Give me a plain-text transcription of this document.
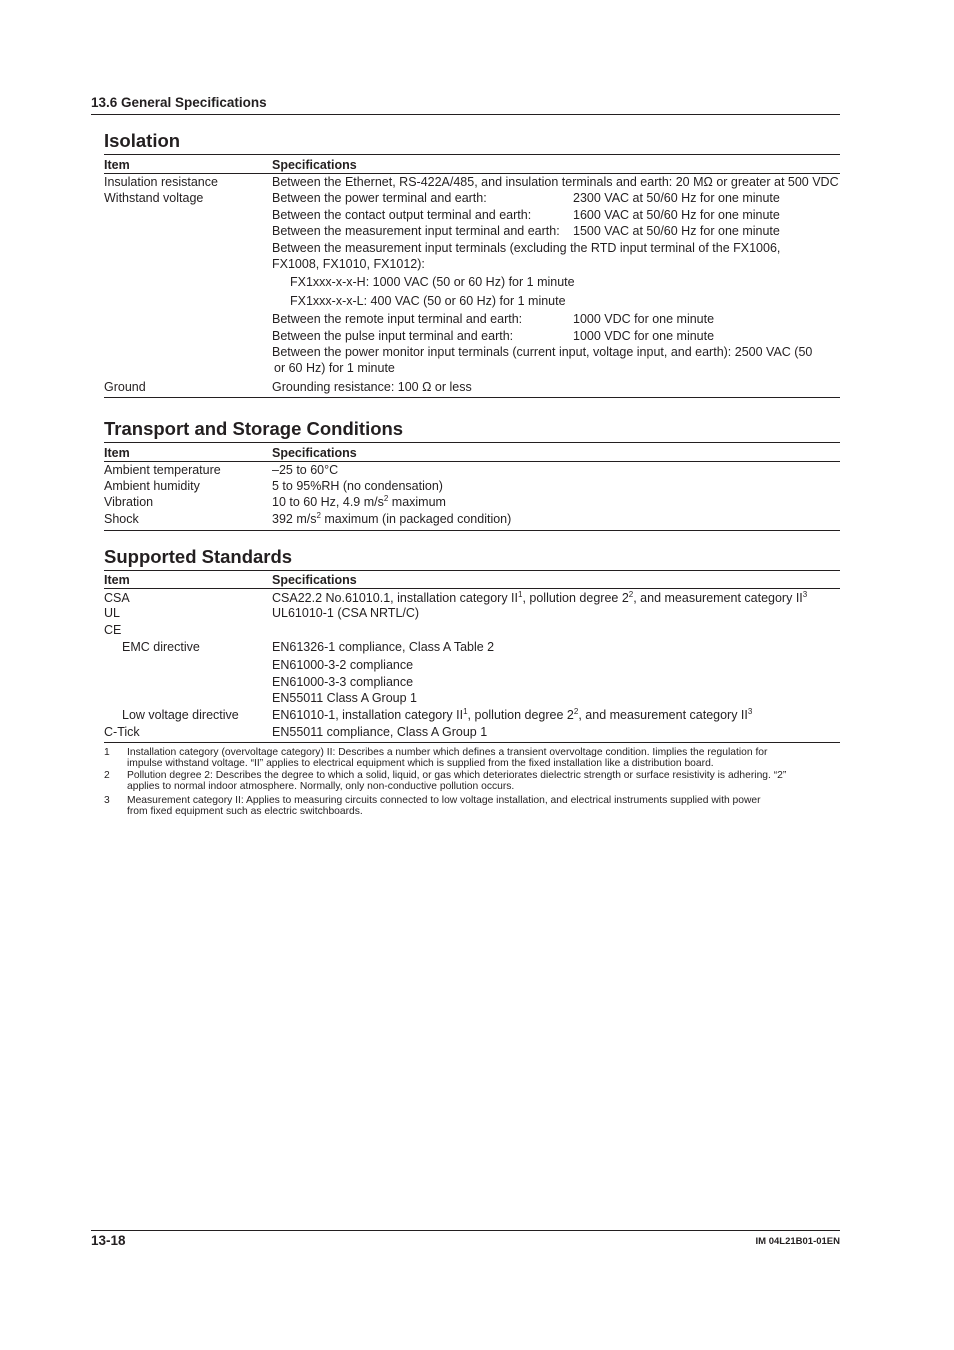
13.6 General Specifications
Isolation
Item	Specifications
Insulation resistance	Between the Ethernet, RS-422A/485, and insulation terminals and earth: 20 MΩ or greater at 500 VDC
Withstand voltage	Between the power terminal and earth:	2300 VAC at 50/60 Hz for one minute
Between the contact output terminal and earth:	1600 VAC at 50/60 Hz for one minute
Between the measurement input terminal and earth: 1500 VAC at 50/60 Hz for one minute
Between the measurement input terminals (excluding the RTD input terminal of the FX1006,
FX1008, FX1010, FX1012):
FX1xxx-x-x-H: 1000 VAC (50 or 60 Hz) for 1 minute
FX1xxx-x-x-L: 400 VAC (50 or 60 Hz) for 1 minute
Between the remote input terminal and earth:	1000 VDC for one minute
Between the pulse input terminal and earth:	1000 VDC for one minute
Between the power monitor input terminals (current input, voltage input, and earth): 2500 VAC (50
or 60 Hz) for 1 minute
Ground	Grounding resistance: 100 Ω or less
Transport and Storage Conditions
Item	Specifications
Ambient temperature	–25 to 60°C
Ambient humidity	5 to 95%RH (no condensation)
Vibration	10 to 60 Hz, 4.9 $m/s^2$ maximum
Shock	392 $m/s^2$ maximum (in packaged condition)
Supported Standards
Item	Specifications
CSA	CSA22.2 No.61010.1, installation category $II^1$, pollution degree $2^2$, and measurement category $II^3$
UL	UL61010-1 (CSA NRTL/C)
CE
EMC directive	EN61326-1 compliance, Class A Table 2
EN61000-3-2 compliance
EN61000-3-3 compliance
EN55011 Class A Group 1
Low voltage directive	EN61010-1, installation category $II^1$, pollution degree $2^2$, and measurement category $II^3$
C-Tick	EN55011 compliance, Class A Group 1
1 Installation category (overvoltage category) II: Describes a number which defines a transient overvoltage condition. Iimplies the regulation for
impulse withstand voltage. “II” applies to electrical equipment which is supplied from the fixed installation like a distribution board.
2 Pollution degree 2: Describes the degree to which a solid, liquid, or gas which deteriorates dielectric strength or surface resistivity is adhering. “2”
applies to normal indoor atmosphere. Normally, only non-conductive pollution occurs.
3 Measurement category II: Applies to measuring circuits connected to low voltage installation, and electrical instruments supplied with power
from fixed equipment such as electric switchboards.
13-18	IM 04L21B01-01EN
